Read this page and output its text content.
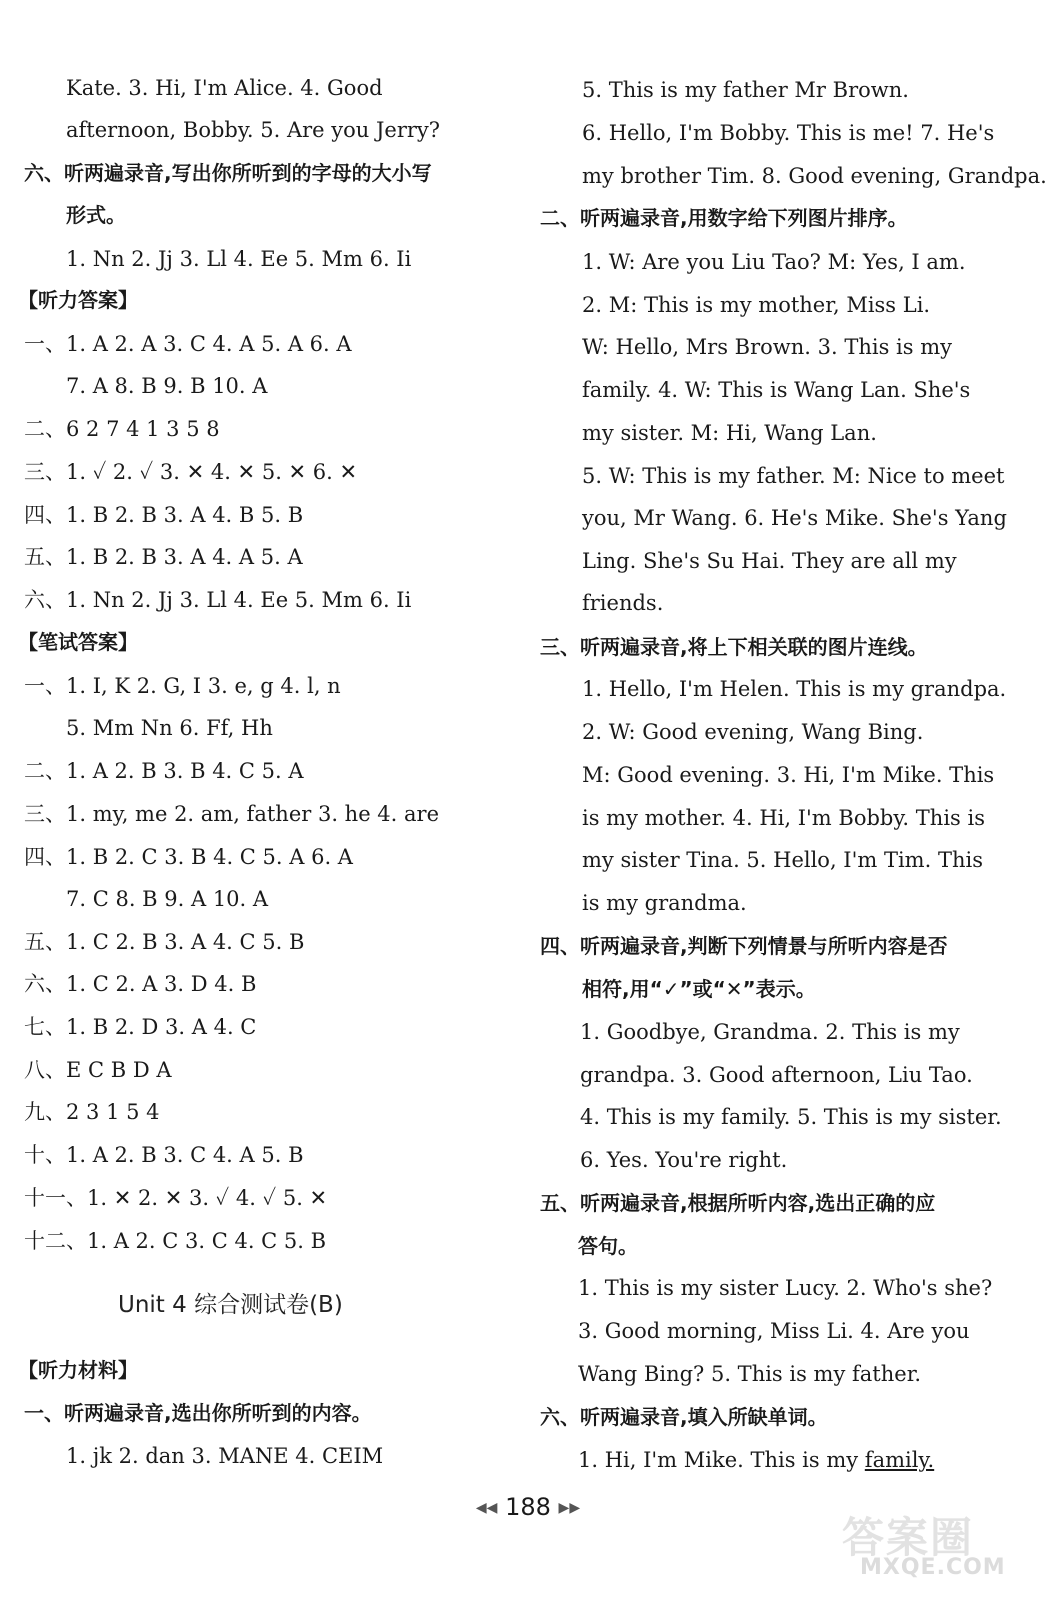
Kate. 3. Hi, I'm Alice. 4. Good
afternoon, Bobby. 5. Are you Jerry?
六、听两遍录音,写出你所听到的字母的大小写
形式。
1. Nn 2. Jj 3. Ll 4. Ee 5. Mm 6. Ii
【听力答案】
一、1. A 2. A 3. C 4. A 5. A 6. A
7. A 8. B 9. B 10. A
二、6 2 7 4 1 3 5 8
三、1. ✓ 2. ✓ 3. ✕ 4. ✕ 5. ✕ 6. ✕
四、1. B 2. B 3. A 4. B 5. B
五、1. B 2. B 3. A 4. A 5. A
六、1. Nn 2. Jj 3. Ll 4. Ee 5. Mm 6. Ii
【笔试答案】
一、1. I, K 2. G, I 3. e, g 4. l, n
5. Mm Nn 6. Ff, Hh
二、1. A 2. B 3. B 4. C 5. A
三、1. my, me 2. am, father 3. he 4. are
四、1. B 2. C 3. B 4. C 5. A 6. A
7. C 8. B 9. A 10. A
五、1. C 2. B 3. A 4. C 5. B
六、1. C 2. A 3. D 4. B
七、1. B 2. D 3. A 4. C
八、E C B D A
九、2 3 1 5 4
十、1. A 2. B 3. C 4. A 5. B
十一、1. ✕ 2. ✕ 3. ✓ 4. ✓ 5. ✕
十二、1. A 2. C 3. C 4. C 5. B
Unit 4 综合测试卷(B)
【听力材料】
一、听两遍录音,选出你所听到的内容。
1. jk 2. dan 3. MANE 4. CEIM
5. This is my father Mr Brown.
6. Hello, I'm Bobby. This is me! 7. He's
my brother Tim. 8. Good evening, Grandpa.
二、听两遍录音,用数字给下列图片排序。
1. W: Are you Liu Tao? M: Yes, I am.
2. M: This is my mother, Miss Li.
W: Hello, Mrs Brown. 3. This is my
family. 4. W: This is Wang Lan. She's
my sister. M: Hi, Wang Lan.
5. W: This is my father. M: Nice to meet
you, Mr Wang. 6. He's Mike. She's Yang
Ling. She's Su Hai. They are all my
friends.
三、听两遍录音,将上下相关联的图片连线。
1. Hello, I'm Helen. This is my grandpa.
2. W: Good evening, Wang Bing.
M: Good evening. 3. Hi, I'm Mike. This
is my mother. 4. Hi, I'm Bobby. This is
my sister Tina. 5. Hello, I'm Tim. This
is my grandma.
四、听两遍录音,判断下列情景与所听内容是否
相符,用“✓”或“✕”表示。
1. Goodbye, Grandma. 2. This is my
grandpa. 3. Good afternoon, Liu Tao.
4. This is my family. 5. This is my sister.
6. Yes. You're right.
五、听两遍录音,根据所听内容,选出正确的应
答句。
1. This is my sister Lucy. 2. Who's she?
3. Good morning, Miss Li. 4. Are you
Wang Bing? 5. This is my father.
六、听两遍录音,填入所缺单词。
1. Hi, I'm Mike. This is my family.
◀◀ 188 ▶▶
答案圈
MXQE.COM
